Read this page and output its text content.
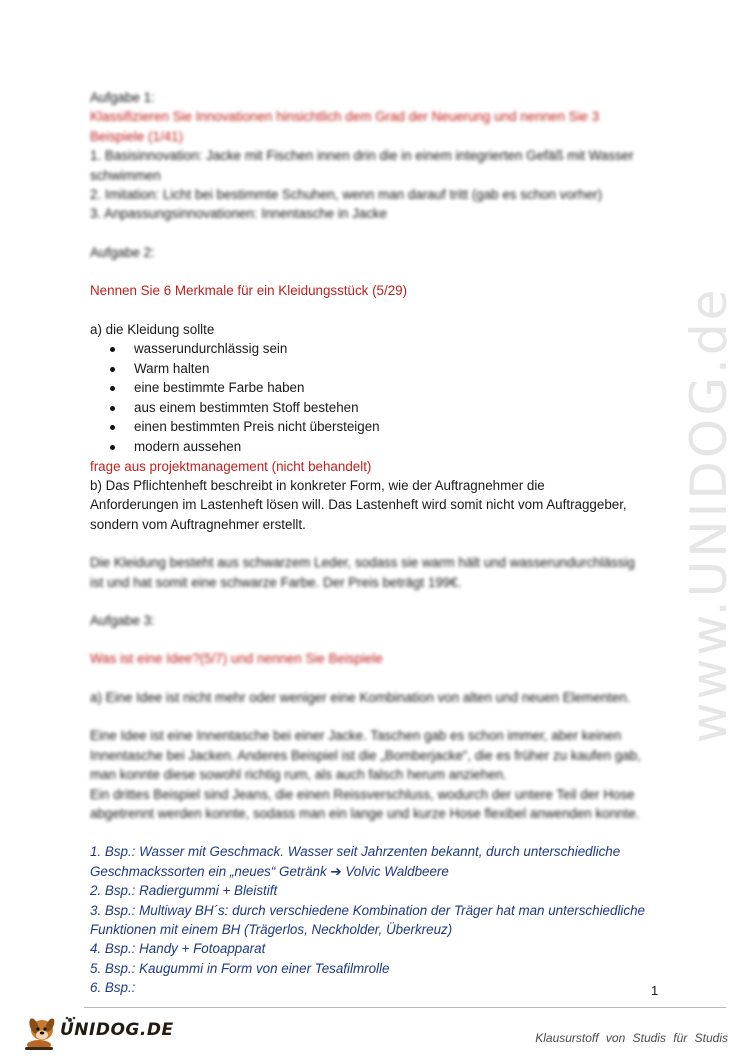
www.UNIDOG.de
Aufgabe 1:
Klassifizieren Sie Innovationen hinsichtlich dem Grad der Neuerung und nennen Sie 3
Beispiele (1/41)
1. Basisinnovation: Jacke mit Fischen innen drin die in einem integrierten Gefäß mit Wasser
schwimmen
2. Imitation: Licht bei bestimmte Schuhen, wenn man darauf tritt (gab es schon vorher)
3. Anpassungsinnovationen: Innentasche in Jacke
Aufgabe 2:
Nennen Sie 6 Merkmale für ein Kleidungsstück (5/29)
a) die Kleidung sollte
wasserundurchlässig sein
Warm halten
eine bestimmte Farbe haben
aus einem bestimmten Stoff bestehen
einen bestimmten Preis nicht übersteigen
modern aussehen
frage aus projektmanagement (nicht behandelt)
b) Das Pflichtenheft beschreibt in konkreter Form, wie der Auftragnehmer die
Anforderungen im Lastenheft lösen will. Das Lastenheft wird somit nicht vom Auftraggeber,
sondern vom Auftragnehmer erstellt.
Die Kleidung besteht aus schwarzem Leder, sodass sie warm hält und wasserundurchlässig
ist und hat somit eine schwarze Farbe. Der Preis beträgt 199€.
Aufgabe 3:
Was ist eine Idee?(5/7) und nennen Sie Beispiele
a) Eine Idee ist nicht mehr oder weniger eine Kombination von alten und neuen Elementen.
Eine Idee ist eine Innentasche bei einer Jacke. Taschen gab es schon immer, aber keinen
Innentasche bei Jacken. Anderes Beispiel ist die „Bomberjacke“, die es früher zu kaufen gab,
man konnte diese sowohl richtig rum, als auch falsch herum anziehen.
Ein drittes Beispiel sind Jeans, die einen Reissverschluss, wodurch der untere Teil der Hose
abgetrennt werden konnte, sodass man ein lange und kurze Hose flexibel anwenden konnte.
1. Bsp.: Wasser mit Geschmack. Wasser seit Jahrzenten bekannt, durch unterschiedliche
Geschmackssorten ein „neues“ Getränk ➔ Volvic Waldbeere
2. Bsp.: Radiergummi + Bleistift
3. Bsp.: Multiway BH´s: durch verschiedene Kombination der Träger hat man unterschiedliche
Funktionen mit einem BH (Trägerlos, Neckholder, Überkreuz)
4. Bsp.: Handy + Fotoapparat
5. Bsp.: Kaugummi in Form von einer Tesafilmrolle
6. Bsp.:	1
UNIDOG.DE	Klausurstoff von Studis für Studis
